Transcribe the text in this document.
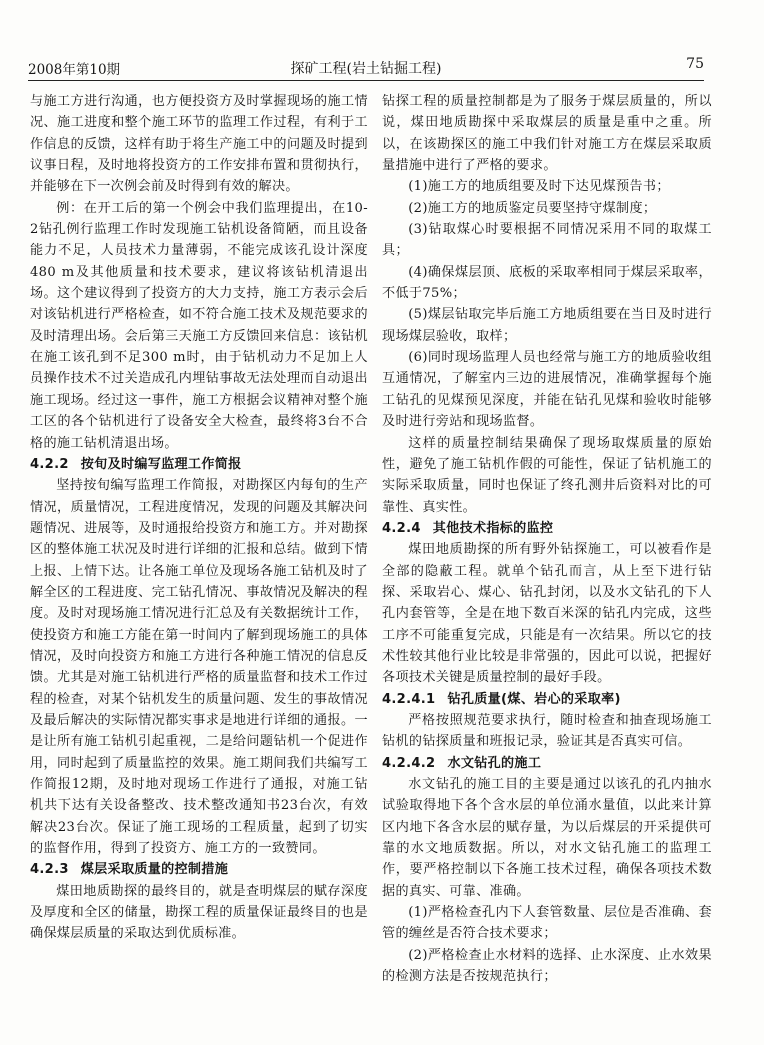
2008年第10期	探矿工程(岩土钻掘工程)	75

与施工方进行沟通，也方便投资方及时掌握现场的施工情况、施工进度和整个施工环节的监理工作过程，有利于工作信息的反馈，这样有助于将生产施工中的问题及时提到议事日程，及时地将投资方的工作安排布置和贯彻执行，并能够在下一次例会前及时得到有效的解决。

例：在开工后的第一个例会中我们监理提出，在10-2钻孔例行监理工作时发现施工钻机设备简陋，而且设备能力不足，人员技术力量薄弱，不能完成该孔设计深度480 m及其他质量和技术要求，建议将该钻机清退出场。这个建议得到了投资方的大力支持，施工方表示会后对该钻机进行严格检查，如不符合施工技术及规范要求的及时清理出场。会后第三天施工方反馈回来信息：该钻机在施工该孔到不足300 m时，由于钻机动力不足加上人员操作技术不过关造成孔内埋钻事故无法处理而自动退出施工现场。经过这一事件，施工方根据会议精神对整个施工区的各个钻机进行了设备安全大检查，最终将3台不合格的施工钻机清退出场。

4.2.2 按旬及时编写监理工作简报

坚持按旬编写监理工作简报，对勘探区内每旬的生产情况，质量情况，工程进度情况，发现的问题及其解决问题情况、进展等，及时通报给投资方和施工方。并对勘探区的整体施工状况及时进行详细的汇报和总结。做到下情上报、上情下达。让各施工单位及现场各施工钻机及时了解全区的工程进度、完工钻孔情况、事故情况及解决的程度。及时对现场施工情况进行汇总及有关数据统计工作，使投资方和施工方能在第一时间内了解到现场施工的具体情况，及时向投资方和施工方进行各种施工情况的信息反馈。尤其是对施工钻机进行严格的质量监督和技术工作过程的检查，对某个钻机发生的质量问题、发生的事故情况及最后解决的实际情况都实事求是地进行详细的通报。一是让所有施工钻机引起重视，二是给问题钻机一个促进作用，同时起到了质量监控的效果。施工期间我们共编写工作简报12期，及时地对现场工作进行了通报，对施工钻机共下达有关设备整改、技术整改通知书23台次，有效解决23台次。保证了施工现场的工程质量，起到了切实的监督作用，得到了投资方、施工方的一致赞同。

4.2.3 煤层采取质量的控制措施

煤田地质勘探的最终目的，就是查明煤层的赋存深度及厚度和全区的储量，勘探工程的质量保证最终目的也是确保煤层质量的采取达到优质标准。

钻探工程的质量控制都是为了服务于煤层质量的，所以说，煤田地质勘探中采取煤层的质量是重中之重。所以，在该勘探区的施工中我们针对施工方在煤层采取质量措施中进行了严格的要求。

(1)施工方的地质组要及时下达见煤预告书；

(2)施工方的地质鉴定员要坚持守煤制度；

(3)钻取煤心时要根据不同情况采用不同的取煤工具；

(4)确保煤层顶、底板的采取率相同于煤层采取率，不低于75%；

(5)煤层钻取完毕后施工方地质组要在当日及时进行现场煤层验收，取样；

(6)同时现场监理人员也经常与施工方的地质验收组互通情况，了解室内三边的进展情况，准确掌握每个施工钻孔的见煤预见深度，并能在钻孔见煤和验收时能够及时进行旁站和现场监督。

这样的质量控制结果确保了现场取煤质量的原始性，避免了施工钻机作假的可能性，保证了钻机施工的实际采取质量，同时也保证了终孔测井后资料对比的可靠性、真实性。

4.2.4 其他技术指标的监控

煤田地质勘探的所有野外钻探施工，可以被看作是全部的隐蔽工程。就单个钻孔而言，从上至下进行钻探、采取岩心、煤心、钻孔封闭，以及水文钻孔的下人孔内套管等，全是在地下数百米深的钻孔内完成，这些工序不可能重复完成，只能是有一次结果。所以它的技术性较其他行业比较是非常强的，因此可以说，把握好各项技术关键是质量控制的最好手段。

4.2.4.1 钻孔质量(煤、岩心的采取率)

严格按照规范要求执行，随时检查和抽查现场施工钻机的钻探质量和班报记录，验证其是否真实可信。

4.2.4.2 水文钻孔的施工

水文钻孔的施工目的主要是通过以该孔的孔内抽水试验取得地下各个含水层的单位涌水量值，以此来计算区内地下各含水层的赋存量，为以后煤层的开采提供可靠的水文地质数据。所以，对水文钻孔施工的监理工作，要严格控制以下各施工技术过程，确保各项技术数据的真实、可靠、准确。

(1)严格检查孔内下人套管数量、层位是否准确、套管的缠丝是否符合技术要求；

(2)严格检查止水材料的选择、止水深度、止水效果的检测方法是否按规范执行；
